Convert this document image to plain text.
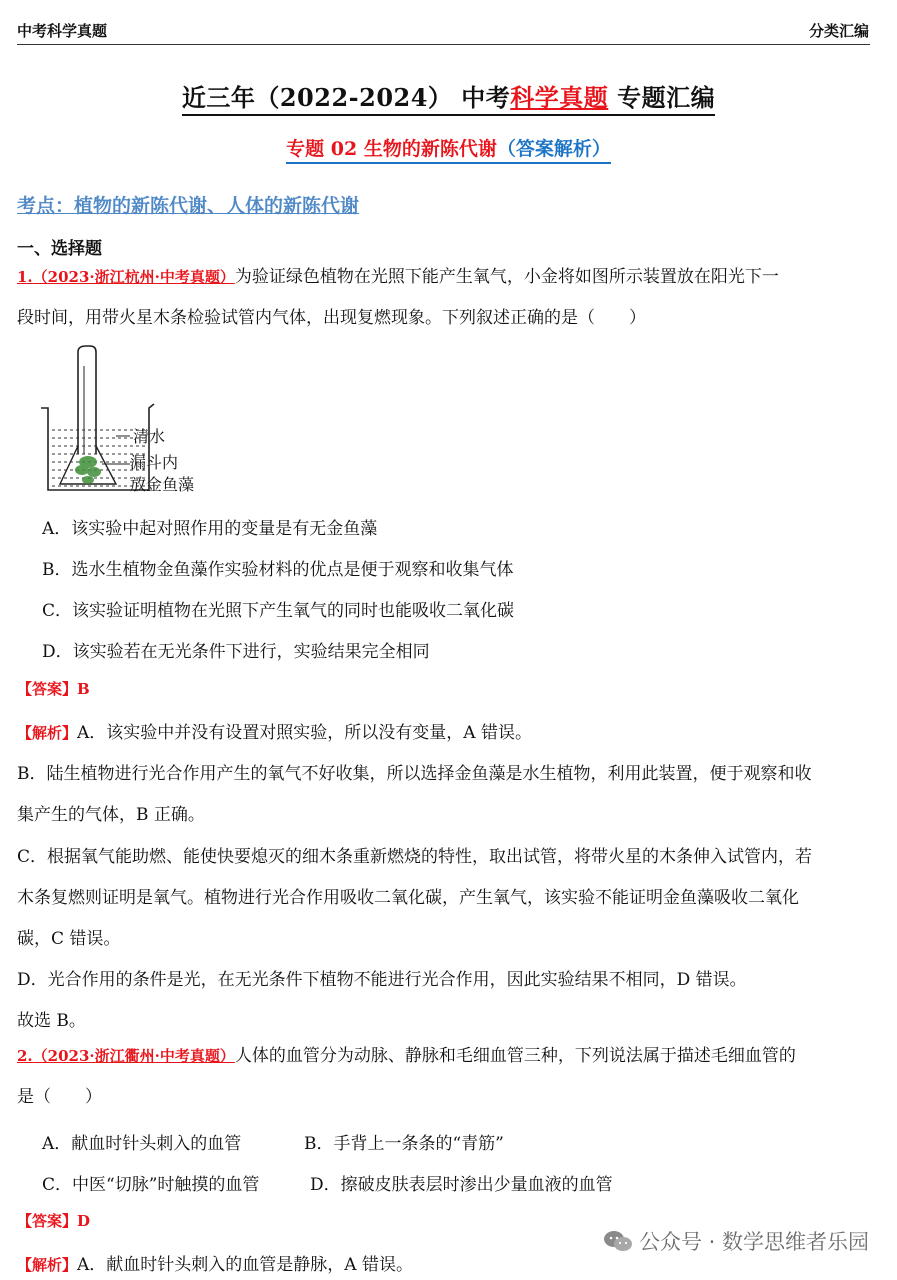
中考科学真题	分类汇编
近三年（2022-2024） 中考科学真题 专题汇编
专题 02 生物的新陈代谢（答案解析）
考点：植物的新陈代谢、人体的新陈代谢
一、选择题
1.（2023·浙江杭州·中考真题）为验证绿色植物在光照下能产生氧气，小金将如图所示装置放在阳光下一
段时间，用带火星木条检验试管内气体，出现复燃现象。下列叙述正确的是（　　）
清水
漏斗内
放金鱼藻
A．该实验中起对照作用的变量是有无金鱼藻
B．选水生植物金鱼藻作实验材料的优点是便于观察和收集气体
C．该实验证明植物在光照下产生氧气的同时也能吸收二氧化碳
D．该实验若在无光条件下进行，实验结果完全相同
【答案】B
【解析】A．该实验中并没有设置对照实验，所以没有变量，A 错误。
B．陆生植物进行光合作用产生的氧气不好收集，所以选择金鱼藻是水生植物，利用此装置，便于观察和收
集产生的气体，B 正确。
C．根据氧气能助燃、能使快要熄灭的细木条重新燃烧的特性，取出试管，将带火星的木条伸入试管内，若
木条复燃则证明是氧气。植物进行光合作用吸收二氧化碳，产生氧气，该实验不能证明金鱼藻吸收二氧化
碳，C 错误。
D．光合作用的条件是光，在无光条件下植物不能进行光合作用，因此实验结果不相同，D 错误。
故选 B。
2.（2023·浙江衢州·中考真题）人体的血管分为动脉、静脉和毛细血管三种，下列说法属于描述毛细血管的
是（　　）
A．献血时针头刺入的血管	B．手背上一条条的“青筋”
C．中医“切脉”时触摸的血管	D．擦破皮肤表层时渗出少量血液的血管
【答案】D
【解析】A．献血时针头刺入的血管是静脉，A 错误。
公众号 · 数学思维者乐园
